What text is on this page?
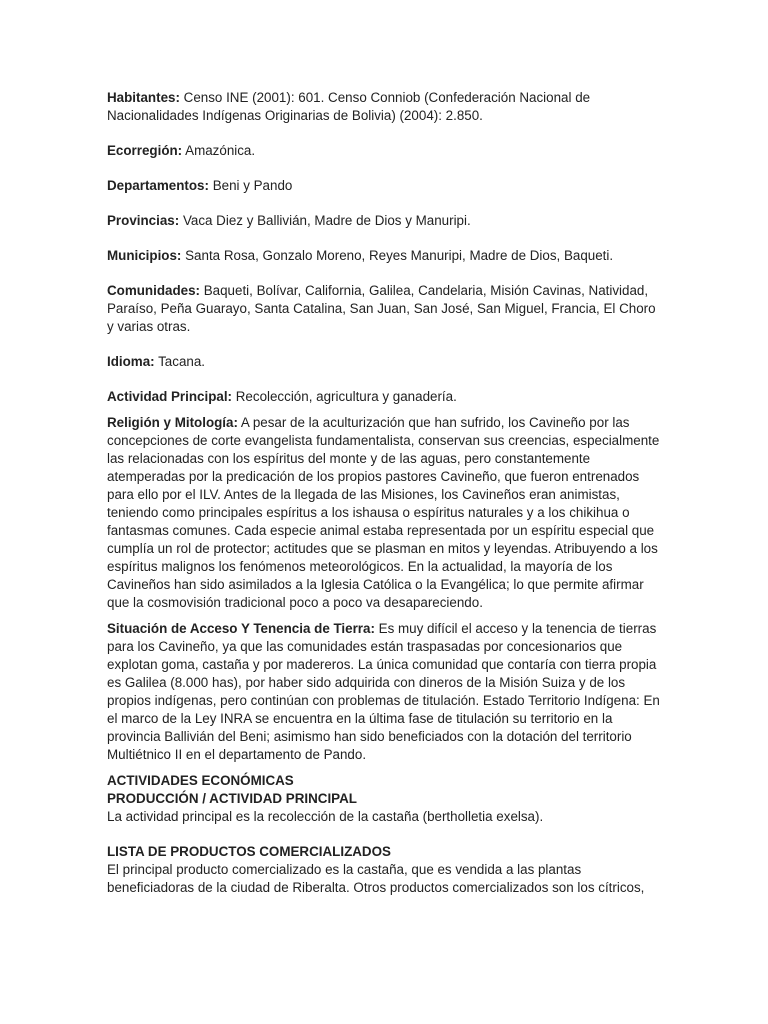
Habitantes: Censo INE (2001): 601. Censo Conniob (Confederación Nacional de Nacionalidades Indígenas Originarias de Bolivia) (2004): 2.850.

Ecorregión: Amazónica.

Departamentos: Beni y Pando

Provincias: Vaca Diez y Ballivián, Madre de Dios y Manuripi.

Municipios: Santa Rosa, Gonzalo Moreno, Reyes Manuripi, Madre de Dios, Baqueti.

Comunidades: Baqueti, Bolívar, California, Galilea, Candelaria, Misión Cavinas, Natividad, Paraíso, Peña Guarayo, Santa Catalina, San Juan, San José, San Miguel, Francia, El Choro y varias otras.

Idioma: Tacana.

Actividad Principal: Recolección, agricultura y ganadería.

Religión y Mitología: A pesar de la aculturización que han sufrido, los Cavineño por las concepciones de corte evangelista fundamentalista, conservan sus creencias, especialmente las relacionadas con los espíritus del monte y de las aguas, pero constantemente atemperadas por la predicación de los propios pastores Cavineño, que fueron entrenados para ello por el ILV. Antes de la llegada de las Misiones, los Cavineños eran animistas, teniendo como principales espíritus a los ishausa o espíritus naturales y a los chikihua o fantasmas comunes. Cada especie animal estaba representada por un espíritu especial que cumplía un rol de protector; actitudes que se plasman en mitos y leyendas. Atribuyendo a los espíritus malignos los fenómenos meteorológicos. En la actualidad, la mayoría de los Cavineños han sido asimilados a la Iglesia Católica o la Evangélica; lo que permite afirmar que la cosmovisión tradicional poco a poco va desapareciendo.

Situación de Acceso Y Tenencia de Tierra: Es muy difícil el acceso y la tenencia de tierras para los Cavineño, ya que las comunidades están traspasadas por concesionarios que explotan goma, castaña y por madereros. La única comunidad que contaría con tierra propia es Galilea (8.000 has), por haber sido adquirida con dineros de la Misión Suiza y de los propios indígenas, pero continúan con problemas de titulación. Estado Territorio Indígena: En el marco de la Ley INRA se encuentra en la última fase de titulación su territorio en la provincia Ballivián del Beni; asimismo han sido beneficiados con la dotación del territorio Multiétnico II en el departamento de Pando.

ACTIVIDADES ECONÓMICAS

PRODUCCIÓN / ACTIVIDAD PRINCIPAL

La actividad principal es la recolección de la castaña (bertholletia exelsa).

LISTA DE PRODUCTOS COMERCIALIZADOS

El principal producto comercializado es la castaña, que es vendida a las plantas beneficiadoras de la ciudad de Riberalta. Otros productos comercializados son los cítricos,
